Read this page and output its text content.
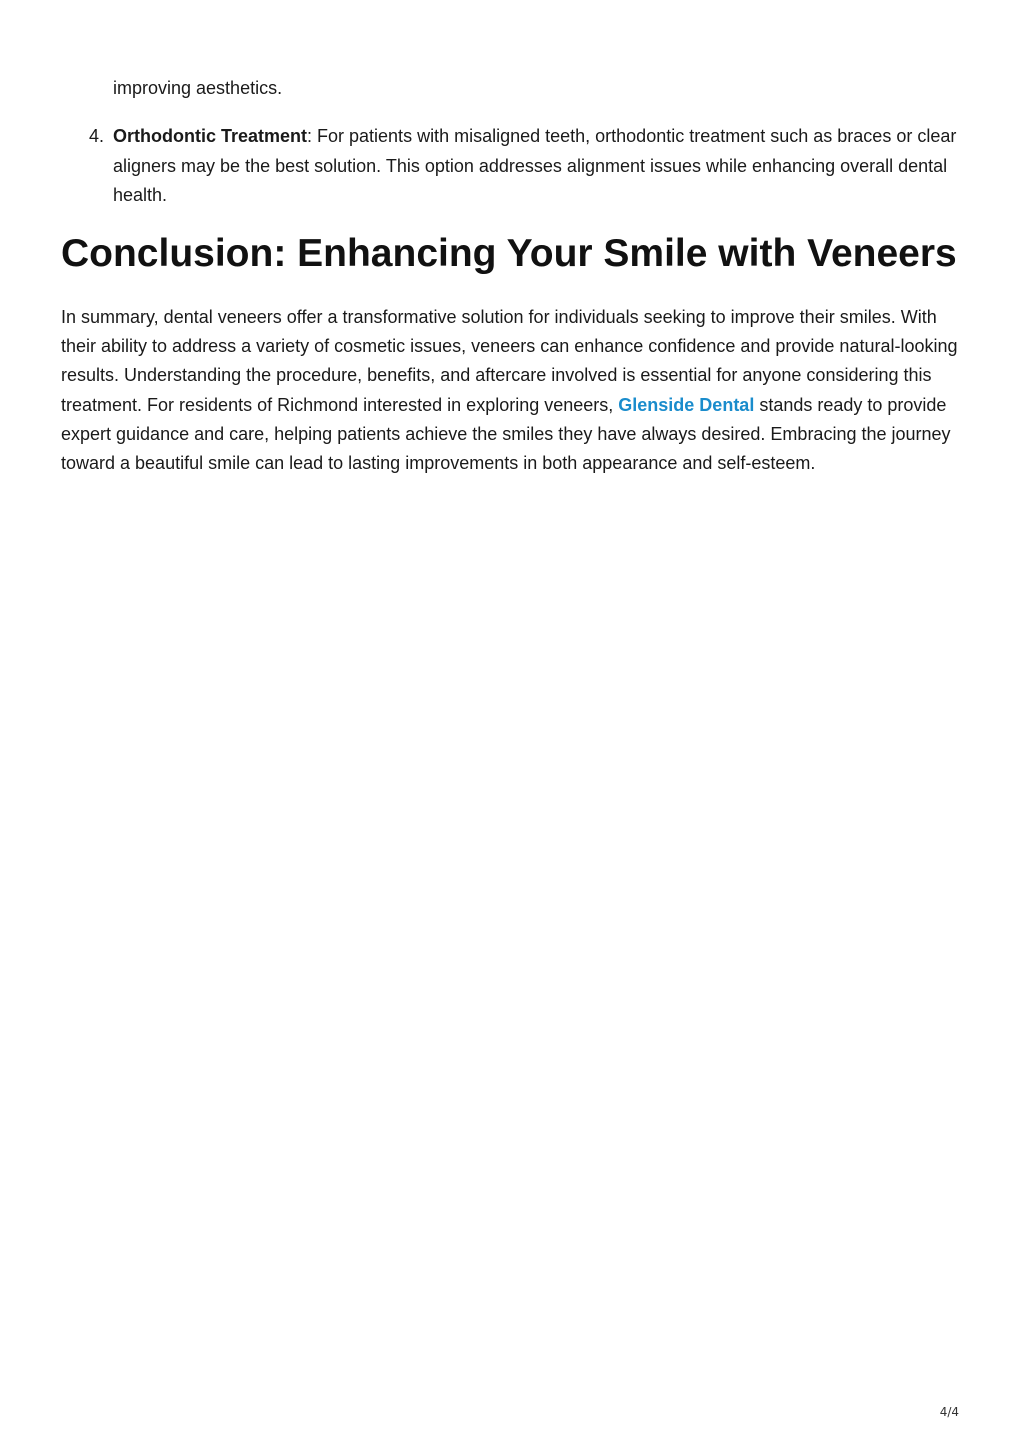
improving aesthetics.

4. Orthodontic Treatment: For patients with misaligned teeth, orthodontic treatment such as braces or clear aligners may be the best solution. This option addresses alignment issues while enhancing overall dental health.
Conclusion: Enhancing Your Smile with Veneers

In summary, dental veneers offer a transformative solution for individuals seeking to improve their smiles. With their ability to address a variety of cosmetic issues, veneers can enhance confidence and provide natural-looking results. Understanding the procedure, benefits, and aftercare involved is essential for anyone considering this treatment. For residents of Richmond interested in exploring veneers, Glenside Dental stands ready to provide expert guidance and care, helping patients achieve the smiles they have always desired. Embracing the journey toward a beautiful smile can lead to lasting improvements in both appearance and self-esteem.

4/4
